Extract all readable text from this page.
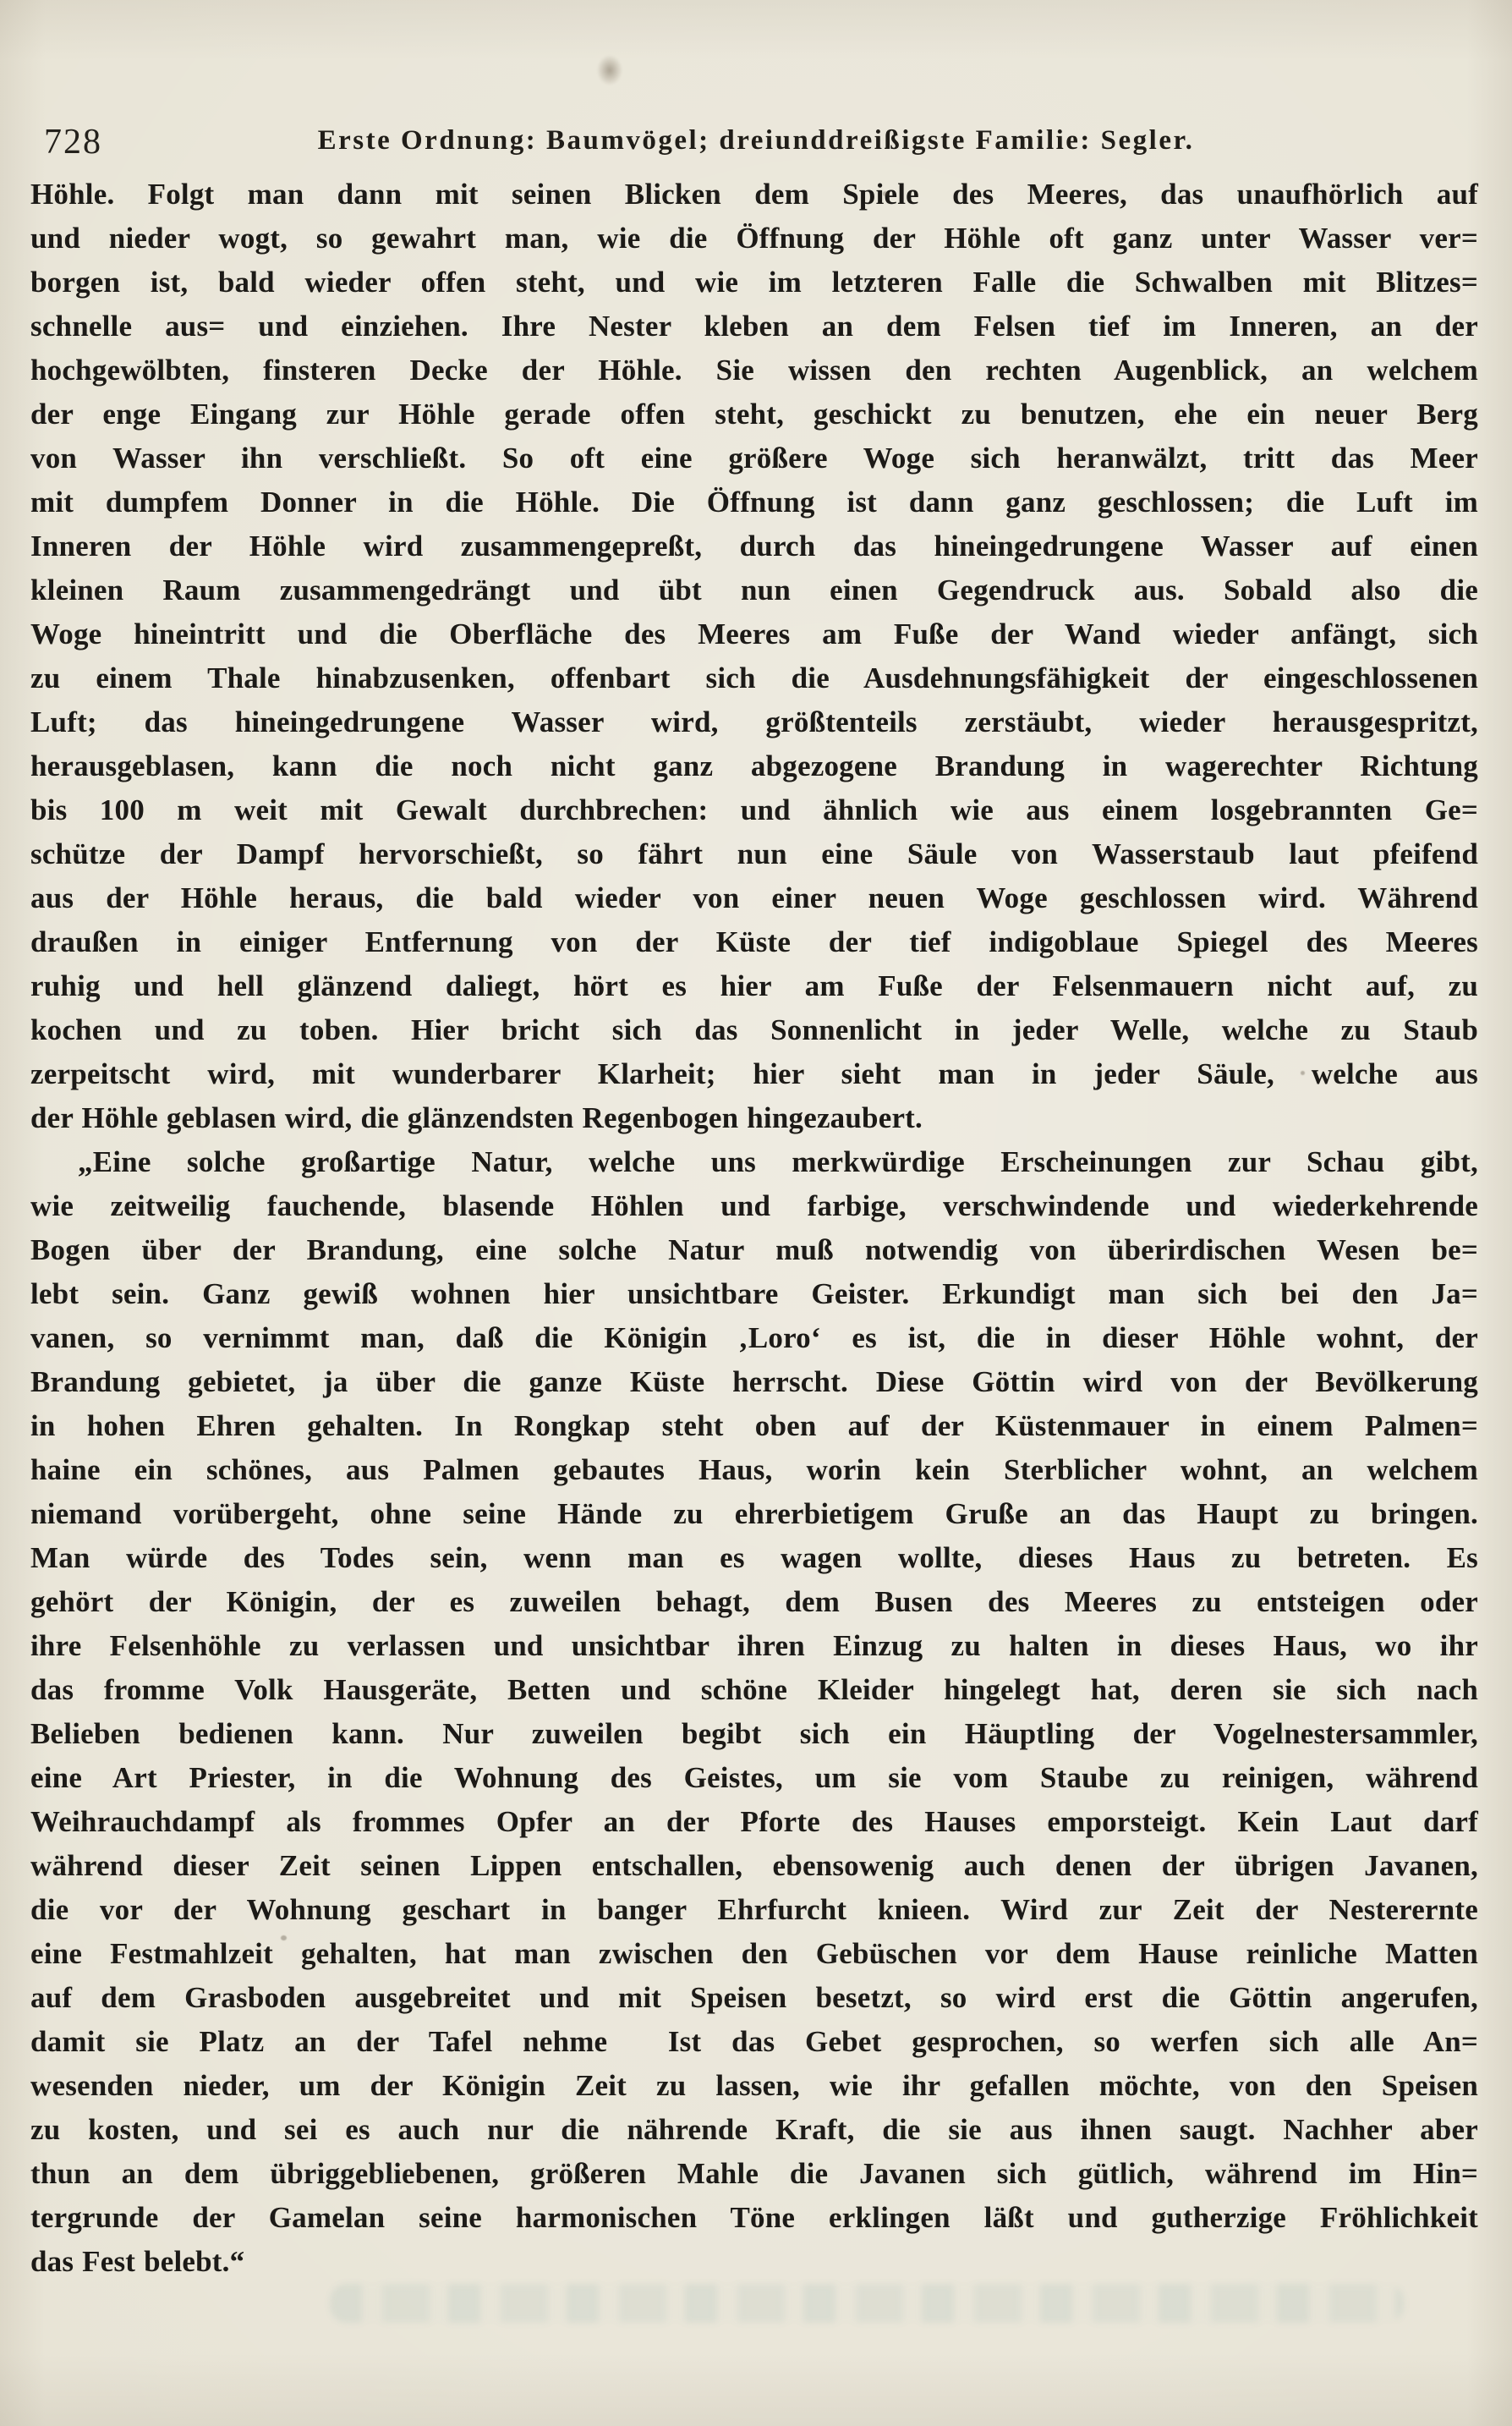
728	Erste Ordnung: Baumvögel; dreiunddreißigste Familie: Segler.
Höhle. Folgt man dann mit seinen Blicken dem Spiele des Meeres, das unaufhörlich auf
und nieder wogt, so gewahrt man, wie die Öffnung der Höhle oft ganz unter Wasser ver=
borgen ist, bald wieder offen steht, und wie im letzteren Falle die Schwalben mit Blitzes=
schnelle aus= und einziehen. Ihre Nester kleben an dem Felsen tief im Inneren, an der
hochgewölbten, finsteren Decke der Höhle. Sie wissen den rechten Augenblick, an welchem
der enge Eingang zur Höhle gerade offen steht, geschickt zu benutzen, ehe ein neuer Berg
von Wasser ihn verschließt. So oft eine größere Woge sich heranwälzt, tritt das Meer
mit dumpfem Donner in die Höhle. Die Öffnung ist dann ganz geschlossen; die Luft im
Inneren der Höhle wird zusammengepreßt, durch das hineingedrungene Wasser auf einen
kleinen Raum zusammengedrängt und übt nun einen Gegendruck aus. Sobald also die
Woge hineintritt und die Oberfläche des Meeres am Fuße der Wand wieder anfängt, sich
zu einem Thale hinabzusenken, offenbart sich die Ausdehnungsfähigkeit der eingeschlossenen
Luft; das hineingedrungene Wasser wird, größtenteils zerstäubt, wieder herausgespritzt,
herausgeblasen, kann die noch nicht ganz abgezogene Brandung in wagerechter Richtung
bis 100 m weit mit Gewalt durchbrechen: und ähnlich wie aus einem losgebrannten Ge=
schütze der Dampf hervorschießt, so fährt nun eine Säule von Wasserstaub laut pfeifend
aus der Höhle heraus, die bald wieder von einer neuen Woge geschlossen wird. Während
draußen in einiger Entfernung von der Küste der tief indigoblaue Spiegel des Meeres
ruhig und hell glänzend daliegt, hört es hier am Fuße der Felsenmauern nicht auf, zu
kochen und zu toben. Hier bricht sich das Sonnenlicht in jeder Welle, welche zu Staub
zerpeitscht wird, mit wunderbarer Klarheit; hier sieht man in jeder Säule, welche aus
der Höhle geblasen wird, die glänzendsten Regenbogen hingezaubert.
„Eine solche großartige Natur, welche uns merkwürdige Erscheinungen zur Schau gibt,
wie zeitweilig fauchende, blasende Höhlen und farbige, verschwindende und wiederkehrende
Bogen über der Brandung, eine solche Natur muß notwendig von überirdischen Wesen be=
lebt sein. Ganz gewiß wohnen hier unsichtbare Geister. Erkundigt man sich bei den Ja=
vanen, so vernimmt man, daß die Königin ‚Loro‘ es ist, die in dieser Höhle wohnt, der
Brandung gebietet, ja über die ganze Küste herrscht. Diese Göttin wird von der Bevölkerung
in hohen Ehren gehalten. In Rongkap steht oben auf der Küstenmauer in einem Palmen=
haine ein schönes, aus Palmen gebautes Haus, worin kein Sterblicher wohnt, an welchem
niemand vorübergeht, ohne seine Hände zu ehrerbietigem Gruße an das Haupt zu bringen.
Man würde des Todes sein, wenn man es wagen wollte, dieses Haus zu betreten. Es
gehört der Königin, der es zuweilen behagt, dem Busen des Meeres zu entsteigen oder
ihre Felsenhöhle zu verlassen und unsichtbar ihren Einzug zu halten in dieses Haus, wo ihr
das fromme Volk Hausgeräte, Betten und schöne Kleider hingelegt hat, deren sie sich nach
Belieben bedienen kann. Nur zuweilen begibt sich ein Häuptling der Vogelnestersammler,
eine Art Priester, in die Wohnung des Geistes, um sie vom Staube zu reinigen, während
Weihrauchdampf als frommes Opfer an der Pforte des Hauses emporsteigt. Kein Laut darf
während dieser Zeit seinen Lippen entschallen, ebensowenig auch denen der übrigen Javanen,
die vor der Wohnung geschart in banger Ehrfurcht knieen. Wird zur Zeit der Nesterernte
eine Festmahlzeit gehalten, hat man zwischen den Gebüschen vor dem Hause reinliche Matten
auf dem Grasboden ausgebreitet und mit Speisen besetzt, so wird erst die Göttin angerufen,
damit sie Platz an der Tafel nehme  Ist das Gebet gesprochen, so werfen sich alle An=
wesenden nieder, um der Königin Zeit zu lassen, wie ihr gefallen möchte, von den Speisen
zu kosten, und sei es auch nur die nährende Kraft, die sie aus ihnen saugt. Nachher aber
thun an dem übriggebliebenen, größeren Mahle die Javanen sich gütlich, während im Hin=
tergrunde der Gamelan seine harmonischen Töne erklingen läßt und gutherzige Fröhlichkeit
das Fest belebt.“
